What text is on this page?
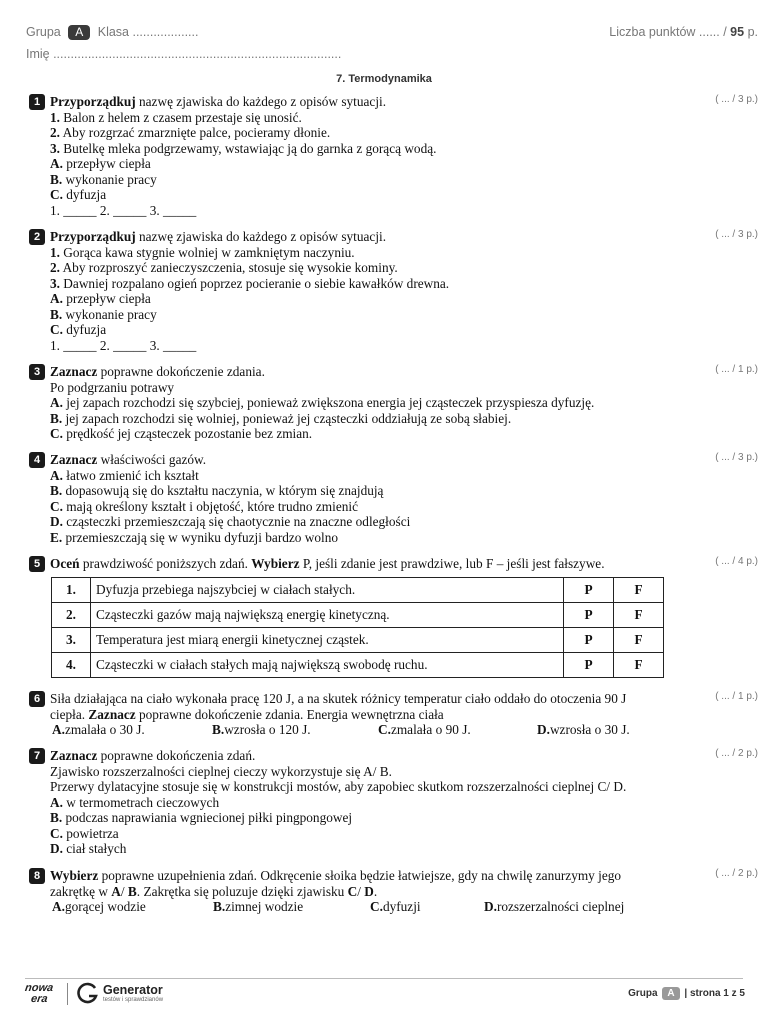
Grupa A Klasa ...................	Liczba punktów ...... / 95 p.
Imię ...................................................................................
7. Termodynamika
1 Przyporządkuj nazwę zjawiska do każdego z opisów sytuacji.
1. Balon z helem z czasem przestaje się unosić.
2. Aby rozgrzać zmarznięte palce, pocieramy dłonie.
3. Butelkę mleka podgrzewamy, wstawiając ją do garnka z gorącą wodą.
A. przepływ ciepła
B. wykonanie pracy
C. dyfuzja
1. _____ 2. _____ 3. _____
( ... / 3 p.)
2 Przyporządkuj nazwę zjawiska do każdego z opisów sytuacji.
1. Gorąca kawa stygnie wolniej w zamkniętym naczyniu.
2. Aby rozproszyć zanieczyszczenia, stosuje się wysokie kominy.
3. Dawniej rozpalano ogień poprzez pocieranie o siebie kawałków drewna.
A. przepływ ciepła
B. wykonanie pracy
C. dyfuzja
1. _____ 2. _____ 3. _____
( ... / 3 p.)
3 Zaznacz poprawne dokończenie zdania.
Po podgrzaniu potrawy
A. jej zapach rozchodzi się szybciej, ponieważ zwiększona energia jej cząsteczek przyspiesza dyfuzję.
B. jej zapach rozchodzi się wolniej, ponieważ jej cząsteczki oddziałują ze sobą słabiej.
C. prędkość jej cząsteczek pozostanie bez zmian.
( ... / 1 p.)
4 Zaznacz właściwości gazów.
A. łatwo zmienić ich kształt
B. dopasowują się do kształtu naczynia, w którym się znajdują
C. mają określony kształt i objętość, które trudno zmienić
D. cząsteczki przemieszczają się chaotycznie na znaczne odległości
E. przemieszczają się w wyniku dyfuzji bardzo wolno
( ... / 3 p.)
5 Oceń prawdziwość poniższych zdań. Wybierz P, jeśli zdanie jest prawdziwe, lub F – jeśli jest fałszywe.	( ... / 4 p.)
1.	Dyfuzja przebiega najszybciej w ciałach stałych.	P	F
2.	Cząsteczki gazów mają największą energię kinetyczną.	P	F
3.	Temperatura jest miarą energii kinetycznej cząstek.	P	F
4.	Cząsteczki w ciałach stałych mają największą swobodę ruchu.	P	F
6 Siła działająca na ciało wykonała pracę 120 J, a na skutek różnicy temperatur ciało oddało do otoczenia 90 J
ciepła. Zaznacz poprawne dokończenie zdania. Energia wewnętrzna ciała
A.zmalała o 30 J.	B.wzrosła o 120 J.	C.zmalała o 90 J.	D.wzrosła o 30 J.
( ... / 1 p.)
7 Zaznacz poprawne dokończenia zdań.
Zjawisko rozszerzalności cieplnej cieczy wykorzystuje się A/ B.
Przerwy dylatacyjne stosuje się w konstrukcji mostów, aby zapobiec skutkom rozszerzalności cieplnej C/ D.
A. w termometrach cieczowych
B. podczas naprawiania wgniecionej piłki pingpongowej
C. powietrza
D. ciał stałych
( ... / 2 p.)
8 Wybierz poprawne uzupełnienia zdań. Odkręcenie słoika będzie łatwiejsze, gdy na chwilę zanurzymy jego
zakrętkę w A/ B. Zakrętka się poluzuje dzięki zjawisku C/ D.
A.gorącej wodzie	B.zimnej wodzie	C.dyfuzji	D.rozszerzalności cieplnej
( ... / 2 p.)
nowa
era
Generator
testów i sprawdzianów
Grupa A | strona 1 z 5
